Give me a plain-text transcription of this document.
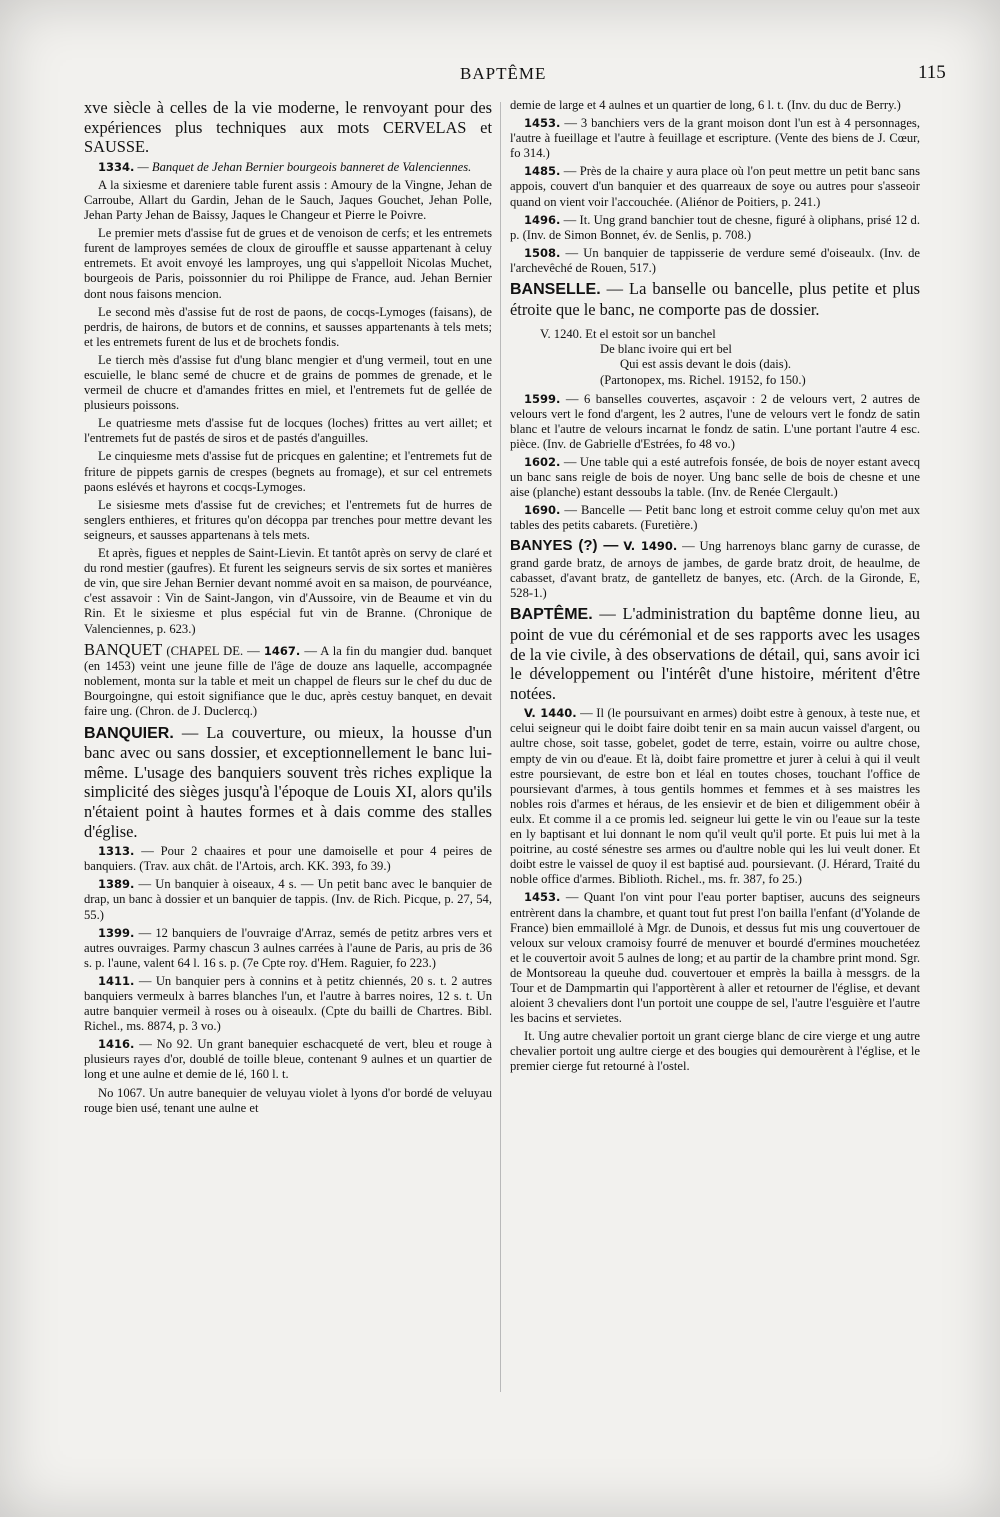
BAPTÊME	115

xve siècle à celles de la vie moderne, le renvoyant pour des expériences plus techniques aux mots CERVELAS et SAUSSE.

1334. — Banquet de Jehan Bernier bourgeois banneret de Valenciennes.

A la sixiesme et dareniere table furent assis : Amoury de la Vingne, Jehan de Carroube, Allart du Gardin, Jehan de le Sauch, Jaques Gouchet, Jehan Polle, Jehan Party Jehan de Baissy, Jaques le Changeur et Pierre le Poivre.

Le premier mets d'assise fut de grues et de venoison de cerfs; et les entremets furent de lamproyes semées de cloux de girouffle et sausse appartenant à celuy entremets. Et avoit envoyé les lamproyes, ung qui s'appelloit Nicolas Muchet, bourgeois de Paris, poissonnier du roi Philippe de France, aud. Jehan Bernier dont nous faisons mencion.

Le second mès d'assise fut de rost de paons, de cocqs-Lymoges (faisans), de perdris, de hairons, de butors et de connins, et sausses appartenants à tels mets; et les entremets furent de lus et de brochets fondis.

Le tierch mès d'assise fut d'ung blanc mengier et d'ung vermeil, tout en une escuielle, le blanc semé de chucre et de grains de pommes de grenade, et le vermeil de chucre et d'amandes frittes en miel, et l'entremets fut de gellée de plusieurs poissons.

Le quatriesme mets d'assise fut de locques (loches) frittes au vert aillet; et l'entremets fut de pastés de siros et de pastés d'anguilles.

Le cinquiesme mets d'assise fut de pricques en galentine; et l'entremets fut de friture de pippets garnis de crespes (begnets au fromage), et sur cel entremets paons eslévés et hayrons et cocqs-Lymoges.

Le sisiesme mets d'assise fut de creviches; et l'entremets fut de hurres de senglers enthieres, et fritures qu'on décoppa par trenches pour mettre devant les seigneurs, et sausses appartenans à tels mets.

Et après, figues et nepples de Saint-Lievin. Et tantôt après on servy de claré et du rond mestier (gaufres). Et furent les seigneurs servis de six sortes et manières de vin, que sire Jehan Bernier devant nommé avoit en sa maison, de pourvéance, c'est assavoir : Vin de Saint-Jangon, vin d'Aussoire, vin de Beaume et vin du Rin. Et le sixiesme et plus espécial fut vin de Branne. (Chronique de Valenciennes, p. 623.)

BANQUET (CHAPEL DE. — 1467. — A la fin du mangier dud. banquet (en 1453) veint une jeune fille de l'âge de douze ans laquelle, accompagnée noblement, monta sur la table et meit un chappel de fleurs sur le chef du duc de Bourgoingne, qui estoit signifiance que le duc, après cestuy banquet, en devait faire ung. (Chron. de J. Duclercq.)

BANQUIER. — La couverture, ou mieux, la housse d'un banc avec ou sans dossier, et exceptionnellement le banc lui-même. L'usage des banquiers souvent très riches explique la simplicité des sièges jusqu'à l'époque de Louis XI, alors qu'ils n'étaient point à hautes formes et à dais comme des stalles d'église.

1313. — Pour 2 chaaires et pour une damoiselle et pour 4 peires de banquiers. (Trav. aux chât. de l'Artois, arch. KK. 393, fo 39.)

1389. — Un banquier à oiseaux, 4 s. — Un petit banc avec le banquier de drap, un banc à dossier et un banquier de tappis. (Inv. de Rich. Picque, p. 27, 54, 55.)

1399. — 12 banquiers de l'ouvraige d'Arraz, semés de petitz arbres vers et autres ouvraiges. Parmy chascun 3 aulnes carrées à l'aune de Paris, au pris de 36 s. p. l'aune, valent 64 l. 16 s. p. (7e Cpte roy. d'Hem. Raguier, fo 223.)

1411. — Un banquier pers à connins et à petitz chiennés, 20 s. t. 2 autres banquiers vermeulx à barres blanches l'un, et l'autre à barres noires, 12 s. t. Un autre banquier vermeil à roses ou à oiseaulx. (Cpte du bailli de Chartres. Bibl. Richel., ms. 8874, p. 3 vo.)

1416. — No 92. Un grant banequier eschacqueté de vert, bleu et rouge à plusieurs rayes d'or, doublé de toille bleue, contenant 9 aulnes et un quartier de long et une aulne et demie de lé, 160 l. t.

No 1067. Un autre banequier de veluyau violet à lyons d'or bordé de veluyau rouge bien usé, tenant une aulne et

demie de large et 4 aulnes et un quartier de long, 6 l. t. (Inv. du duc de Berry.)

1453. — 3 banchiers vers de la grant moison dont l'un est à 4 personnages, l'autre à fueillage et l'autre à feuillage et escripture. (Vente des biens de J. Cœur, fo 314.)

1485. — Près de la chaire y aura place où l'on peut mettre un petit banc sans appois, couvert d'un banquier et des quarreaux de soye ou autres pour s'asseoir quand on vient voir l'accouchée. (Aliénor de Poitiers, p. 241.)

1496. — It. Ung grand banchier tout de chesne, figuré à oliphans, prisé 12 d. p. (Inv. de Simon Bonnet, év. de Senlis, p. 708.)

1508. — Un banquier de tappisserie de verdure semé d'oiseaulx. (Inv. de l'archevêché de Rouen, 517.)

BANSELLE. — La banselle ou bancelle, plus petite et plus étroite que le banc, ne comporte pas de dossier.

V. 1240. Et el estoit sor un banchel
De blanc ivoire qui ert bel
Qui est assis devant le dois (dais).
(Partonopex, ms. Richel. 19152, fo 150.)

1599. — 6 banselles couvertes, asçavoir : 2 de velours vert, 2 autres de velours vert le fond d'argent, les 2 autres, l'une de velours vert le fondz de satin blanc et l'autre de velours incarnat le fondz de satin. L'une portant l'autre 4 esc. pièce. (Inv. de Gabrielle d'Estrées, fo 48 vo.)

1602. — Une table qui a esté autrefois fonsée, de bois de noyer estant avecq un banc sans reigle de bois de noyer. Ung banc selle de bois de chesne et une aise (planche) estant dessoubs la table. (Inv. de Renée Clergault.)

1690. — Bancelle — Petit banc long et estroit comme celuy qu'on met aux tables des petits cabarets. (Furetière.)

BANYES (?) — V. 1490. — Ung harrenoys blanc garny de curasse, de grand garde bratz, de arnoys de jambes, de garde bratz droit, de heaulme, de cabasset, d'avant bratz, de gantelletz de banyes, etc. (Arch. de la Gironde, E, 528-1.)

BAPTÊME. — L'administration du baptême donne lieu, au point de vue du cérémonial et de ses rapports avec les usages de la vie civile, à des observations de détail, qui, sans avoir ici le développement ou l'intérêt d'une histoire, méritent d'être notées.

V. 1440. — Il (le poursuivant en armes) doibt estre à genoux, à teste nue, et celui seigneur qui le doibt faire doibt tenir en sa main aucun vaissel d'argent, ou aultre chose, soit tasse, gobelet, godet de terre, estain, voirre ou aultre chose, empty de vin ou d'eaue. Et là, doibt faire promettre et jurer à celui à qui il veult estre poursievant, de estre bon et léal en toutes choses, touchant l'office de poursievant d'armes, à tous gentils hommes et femmes et à ses maistres les nobles rois d'armes et héraus, de les ensievir et de bien et diligemment obéir à eulx. Et comme il a ce promis led. seigneur lui gette le vin ou l'eaue sur la teste en ly baptisant et lui donnant le nom qu'il veult qu'il porte. Et puis lui met à la poitrine, au costé sénestre ses armes ou d'aultre noble qui les lui veult doner. Et doibt estre le vaissel de quoy il est baptisé aud. poursievant. (J. Hérard, Traité du noble office d'armes. Biblioth. Richel., ms. fr. 387, fo 25.)

1453. — Quant l'on vint pour l'eau porter baptiser, aucuns des seigneurs entrèrent dans la chambre, et quant tout fut prest l'on bailla l'enfant (d'Yolande de France) bien emmaillolé à Mgr. de Dunois, et dessus fut mis ung couvertouer de veloux sur veloux cramoisy fourré de menuver et bourdé d'ermines mouchetéez et le couvertoir avoit 5 aulnes de long; et au partir de la chambre print mond. Sgr. de Montsoreau la queuhe dud. couvertouer et emprès la bailla à messgrs. de la Tour et de Dampmartin qui l'apportèrent à aller et retourner de l'église, et devant aloient 3 chevaliers dont l'un portoit une couppe de sel, l'autre l'esguière et l'autre les bacins et servietes.

It. Ung autre chevalier portoit un grant cierge blanc de cire vierge et ung autre chevalier portoit ung aultre cierge et des bougies qui demourèrent à l'église, et le premier cierge fut retourné à l'ostel.
